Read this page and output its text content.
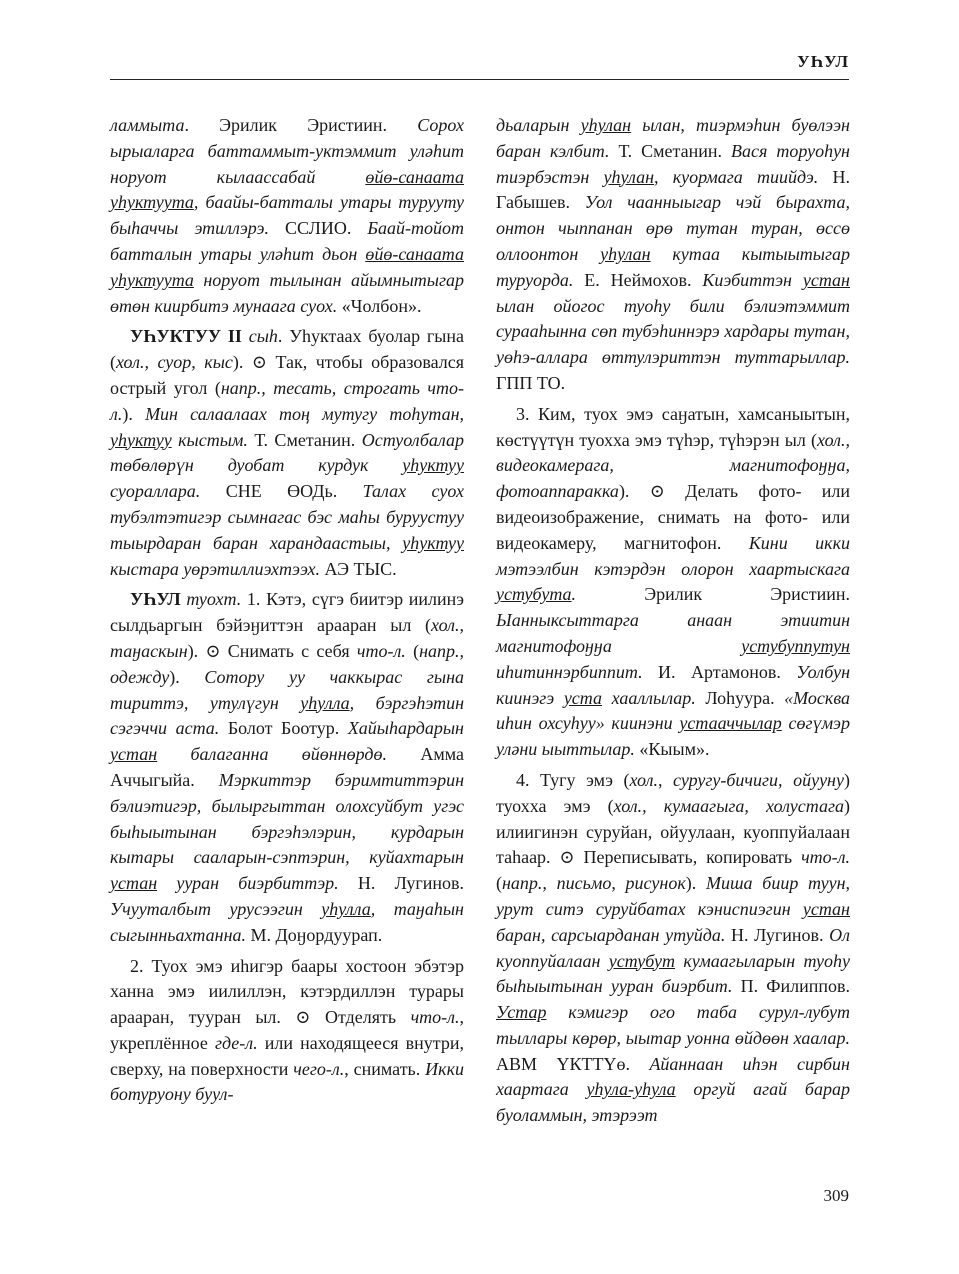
УҺУЛ

ламмыта. Эрилик Эристиин. Сорох ырыаларга баттаммыт-уктэммит уләһит норуот кылааccабай өйө-санаата уһуктуута, баайы-батталы утары турууту быһаччы этиллэрэ. ССЛИО. Баай-тойот батталын утары уләһит дьон өйө-санаата уһуктуута норуот тылынан айымнытыгар өтөн киирбитэ мунаага суох. «Чолбон».

УҺУКТУУ II сыh. Уһуктаах буолар гына (хол., суор, кыс). ⊙ Так, чтобы образовался острый угол (напр., тесать, строгать что-л.). Мин салаалаах тоӊ мутугу тоhутан, уһуктуу кыстым. Т. Сметанин. Остуолбалар төбөлөрүн дуобат курдук уһуктуу суораллара. СНЕ ӨОДь. Талах суох тубэлтэтигэр сымнагас бэс маhы буруустуу тыырдаран баран харандаастыы, уһуктуу кыстара уөрэтиллиэхтээх. АЭ ТЫС.

УҺУЛ туохт. 1. Кэтэ, сүгэ биитэр иилинэ сылдьаргын бэйэӈиттэн арааран ыл (хол., таӈаскын). ⊙ Снимать с себя что-л. (напр., одежду). Сотору уу чаккырас гына тириттэ, утулүгун уһулла, бэргэhэтин сэгэччи аста. Болот Боотур. Хайыhардарын устан балаганна өйөннөрдө. Амма Аччыгыйа. Мэркиттэр бэримmиттэрин бэлиэтигэр, былыргыттан олохсуйбут угэс быhыытынан бэргэhэлэрин, курдарын кытары сааларын-сэптэрин, куйахтарын устан ууран биэрбиттэр. Н. Лугинов. Учуутaлбыт урусээгин уһулла, таӈаhын сыгынньахтанна. М. Доӈордуурап.

2. Туох эмэ иhигэр баары хостоон эбэтэр ханна эмэ иилиллэн, кэтэрдиллэн турары арааран, тууран ыл. ⊙ Отделять что-л., укреплённое где-л. или находящееся внутри, сверху, на поверхности чего-л., снимать. Икки ботуруону буул-

дьаларын уһулан ылан, тиэрмэhин буөлээн баран кэлбит. Т. Сметанин. Вася торуоhун тиэрбэстэн уһулан, куормага тиийдэ. Н. Габышев. Уол чаанныыгар чэй бырахта, онтон чыппанан өрө тутан туран, өссө оллоонтон уһулан кутаа кытыытыгар туруорда. Е. Неймохов. Киэбиттэн устан ылан ойогос туоhу били бэлиэтэммит сурааhынна сөп тубэhиннэрэ хардары тутан, уөhэ-аллара өттулэриттэн туттарыллар. ГПП ТО.

3. Ким, туох эмэ саӈатын, хамсаныытын, көстүүтүн туохха эмэ түhэр, түhэрэн ыл (хол., видеокамерага, магнитофоӈӈа, фотоаппаракка). ⊙ Делать фото- или видеоизображение, снимать на фото- или видеокамеру, магнитофон. Кини икки мэтээлбин кэтэрдэн олорон хаартыскага устубута. Эрилик Эристиин. Ыанныксыттарга анаан этиитин магнитофоӈӈа устубуппутун иhитиннэрбиппит. И. Артамонов. Уолбун киинэгэ уста хааллылар. Лоhуура. «Москва иhин охсуhуу» киинэни устааччылар сөгүмэр уләни ыыттылар. «Кыым».

4. Тугу эмэ (хол., суругу-бичиги, ойууну) туохха эмэ (хол., кумаагыга, холустага) илиигинэн суруйан, ойуулаан, куоппуйалаан таhаар. ⊙ Переписывать, копировать что-л. (напр., письмо, рисунок). Миша биир туун, урут ситэ суруйбатах кэниспиэгин устан баран, сарсыардaнан утуйда. Н. Лугинов. Ол куоппуйалаан устубут кумаагыларын туоhу быhыытынан ууран биэрбит. П. Филиппов. Устар кэмигэр ого таба сурул-лубут тыллары көрөр, ыытар уонна өйдөөн хаалар. АВМ ҮКТТҮө. Айаннаан иhэн сирбин хаартага уhула-уhула оргуй агай барар буоламмын, этэрээт

309
